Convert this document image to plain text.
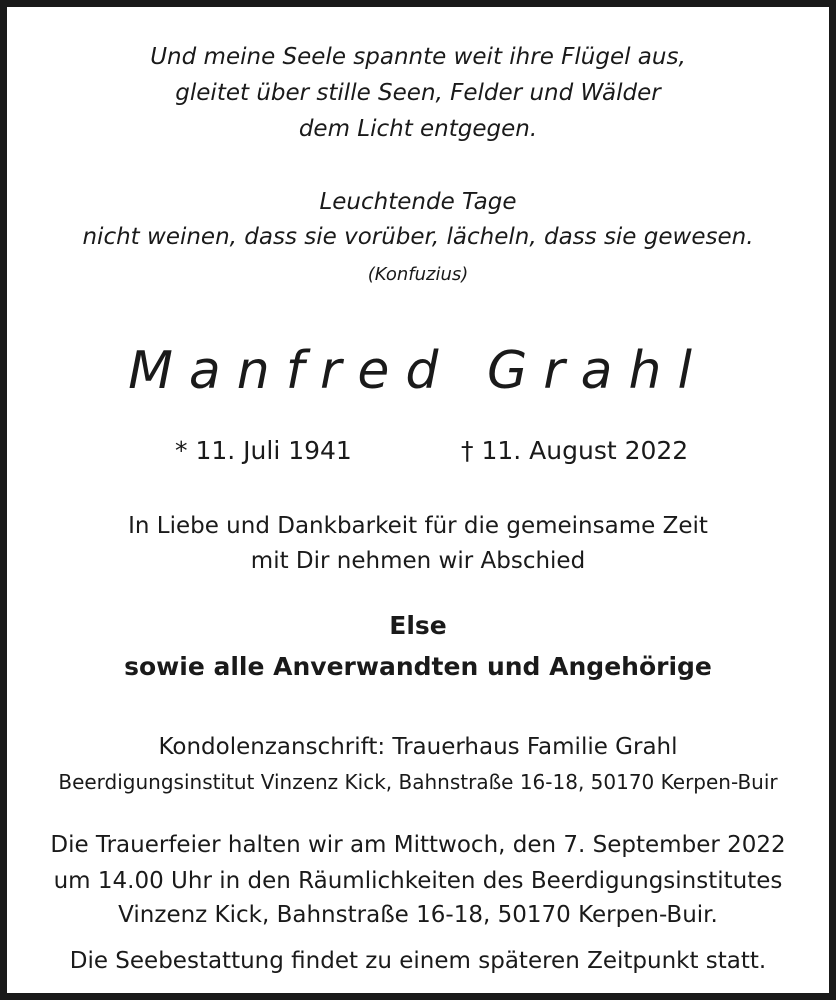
Und meine Seele spannte weit ihre Flügel aus,
gleitet über stille Seen, Felder und Wälder
dem Licht entgegen.
Leuchtende Tage
nicht weinen, dass sie vorüber, lächeln, dass sie gewesen.
(Konfuzius)
Manfred Grahl
* 11. Juli 1941	† 11. August 2022
In Liebe und Dankbarkeit für die gemeinsame Zeit
mit Dir nehmen wir Abschied
Else
sowie alle Anverwandten und Angehörige
Kondolenzanschrift: Trauerhaus Familie Grahl
Beerdigungsinstitut Vinzenz Kick, Bahnstraße 16-18, 50170 Kerpen-Buir
Die Trauerfeier halten wir am Mittwoch, den 7. September 2022
um 14.00 Uhr in den Räumlichkeiten des Beerdigungsinstitutes
Vinzenz Kick, Bahnstraße 16-18, 50170 Kerpen-Buir.
Die Seebestattung findet zu einem späteren Zeitpunkt statt.
